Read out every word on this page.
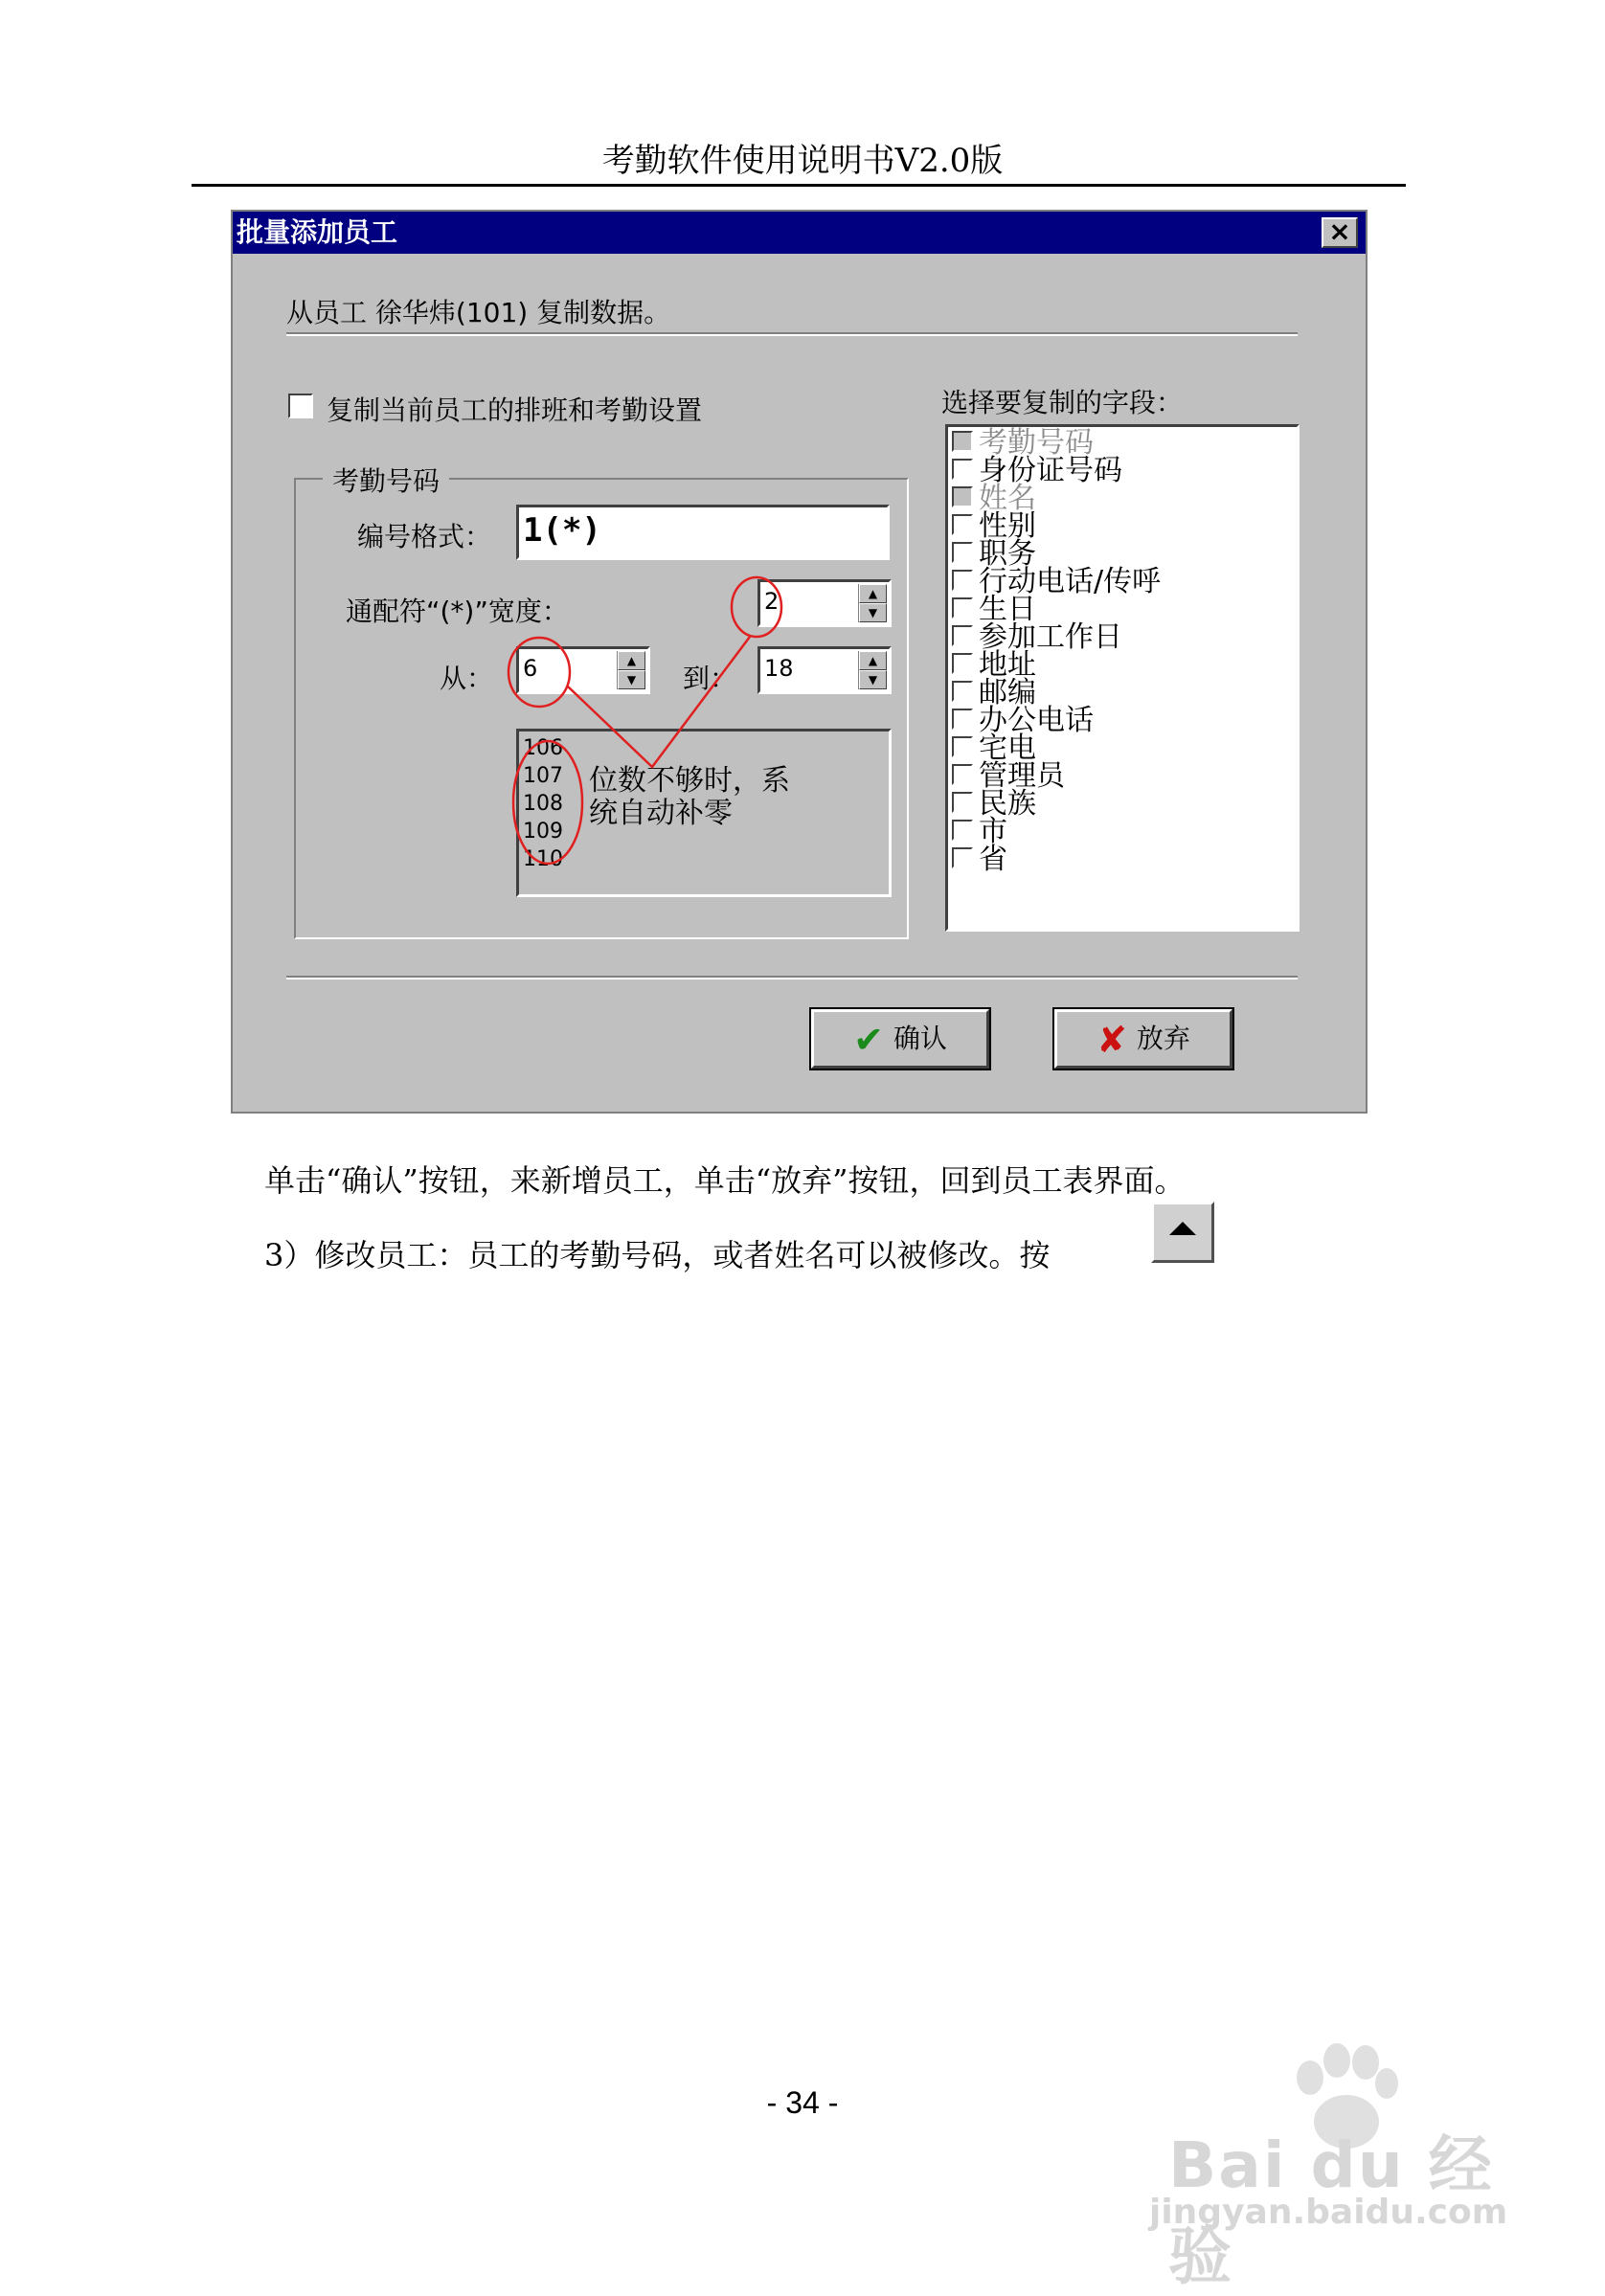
考勤软件使用说明书V2.0版
批量添加员工	×
从员工 徐华炜(101) 复制数据。
复制当前员工的排班和考勤设置
考勤号码
编号格式： 1(*)
通配符“(*)”宽度：	2	▲
▼
从： 6	▲
▼	到： 18	▲
▼
106
107
108
109
110
位数不够时，系
统自动补零
选择要复制的字段：
考勤号码
身份证号码
姓名
性别
职务
行动电话/传呼
生日
参加工作日
地址
邮编
办公电话
宅电
管理员
民族
市
省
✔ 确认	✘ 放弃
单击“确认”按钮，来新增员工，单击“放弃”按钮，回到员工表界面。
3）修改员工：员工的考勤号码，或者姓名可以被修改。按
- 34 -
Bai du 经验
jingyan.baidu.com
